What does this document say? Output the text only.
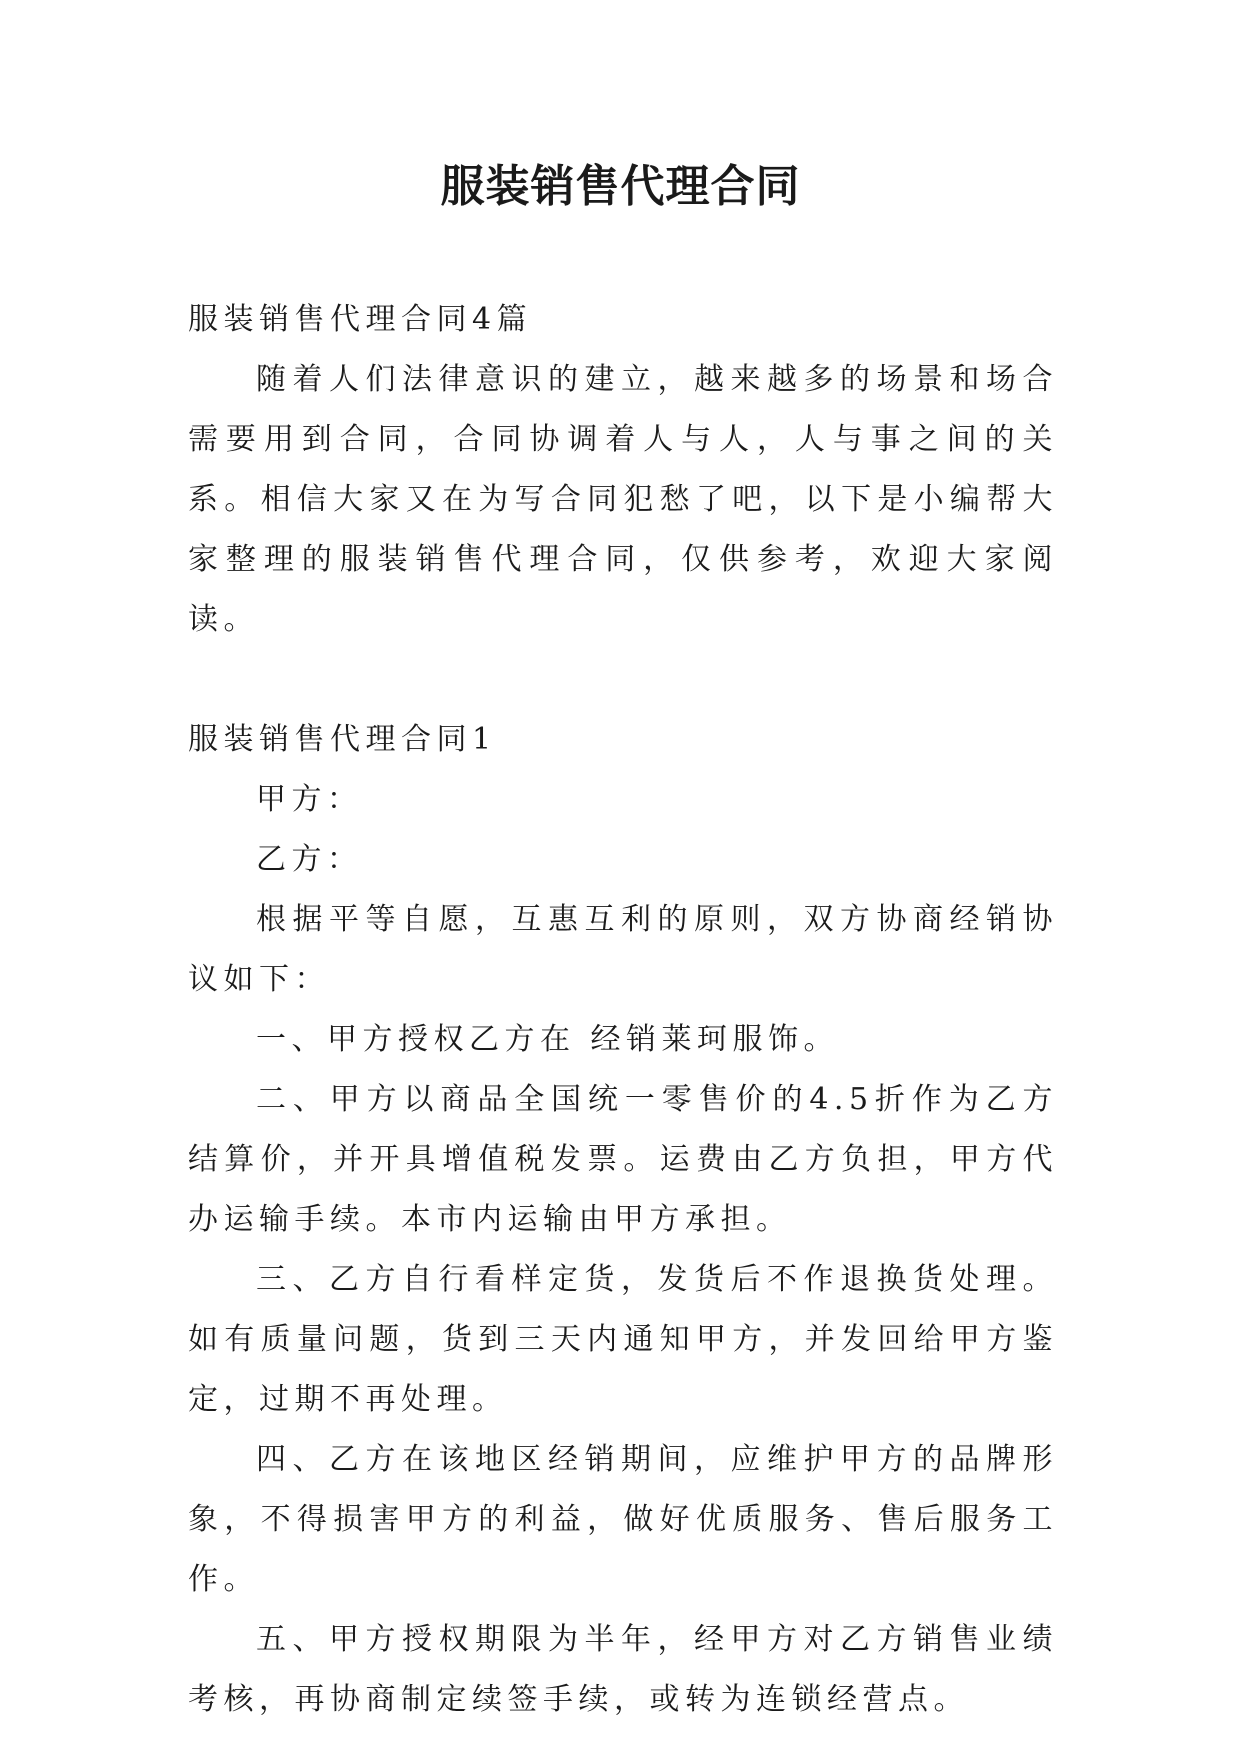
服装销售代理合同

服装销售代理合同4篇

随着人们法律意识的建立，越来越多的场景和场合需要用到合同，合同协调着人与人，人与事之间的关系。相信大家又在为写合同犯愁了吧，以下是小编帮大家整理的服装销售代理合同，仅供参考，欢迎大家阅读。

服装销售代理合同1

甲方：

乙方：

根据平等自愿，互惠互利的原则，双方协商经销协议如下：

一、甲方授权乙方在 经销莱珂服饰。

二、甲方以商品全国统一零售价的4.5折作为乙方结算价，并开具增值税发票。运费由乙方负担，甲方代办运输手续。本市内运输由甲方承担。

三、乙方自行看样定货，发货后不作退换货处理。如有质量问题，货到三天内通知甲方，并发回给甲方鉴定，过期不再处理。

四、乙方在该地区经销期间，应维护甲方的品牌形象，不得损害甲方的利益，做好优质服务、售后服务工作。

五、甲方授权期限为半年，经甲方对乙方销售业绩考核，再协商制定续签手续，或转为连锁经营点。
